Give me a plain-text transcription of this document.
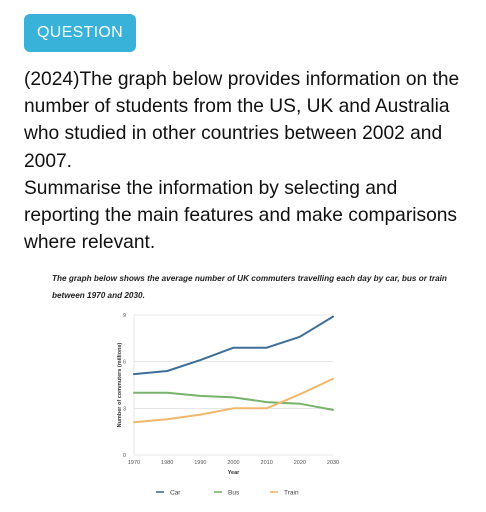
QUESTION

(2024)The graph below provides information on the number of students from the US, UK and Australia who studied in other countries between 2002 and 2007.

Summarise the information by selecting and reporting the main features and make comparisons where relevant.

The graph below shows the average number of UK commuters travelling each day by car, bus or train between 1970 and 2030.
0
3
6
9
1970	1980	1990	2000	2010	2020	2030
Year
Number of commuters (millions)
Car	Bus	Train
